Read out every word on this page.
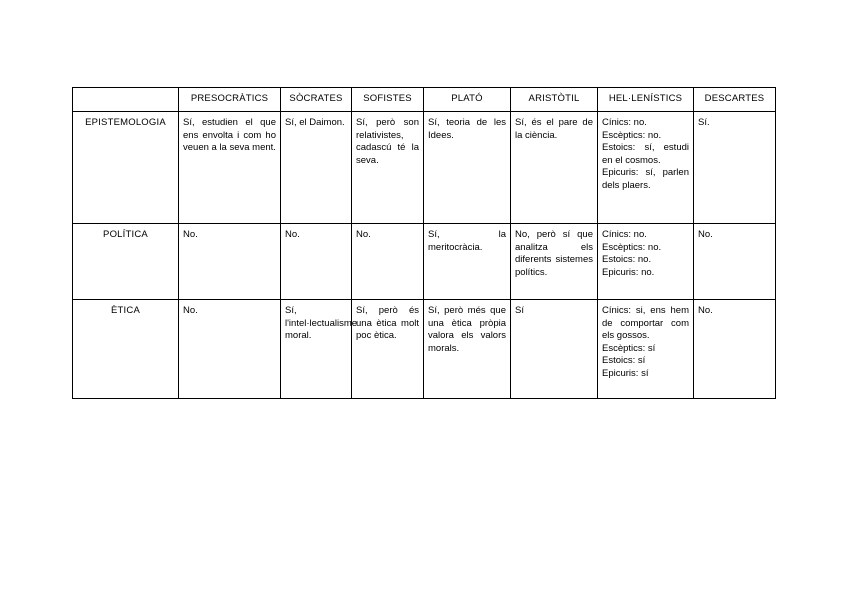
	PRESOCRÀTICS	SÒCRATES	SOFISTES	PLATÓ	ARISTÒTIL	HEL·LENÍSTICS	DESCARTES
EPISTEMOLOGIA	Sí, estudien el que ens envolta i com ho veuen a la seva ment.	Sí, el Daimon.	Sí, però son relativistes, cadascú té la seva.	Sí, teoria de les Idees.	Sí, és el pare de la ciència.	Cínics: no.
Escèptics: no.
Estoics: sí, estudi en el cosmos.
Epicuris: sí, parlen dels plaers.	Sí.

POLÍTICA	No.	No.	No.	Sí, la meritocràcia.	No, però sí que analitza els diferents sistemes polítics.	Cínics: no.
Escèptics: no.
Estoics: no.
Epicuris: no.	No.

ÈTICA	No.	Sí, l'intel·lectualisme moral.	Sí, però és una ètica molt poc ètica.	Sí, però més que una ètica pròpia valora els valors morals.	Sí	Cínics: si, ens hem de comportar com els gossos.
Escèptics: sí
Estoics: sí
Epicuris: sí	No.
